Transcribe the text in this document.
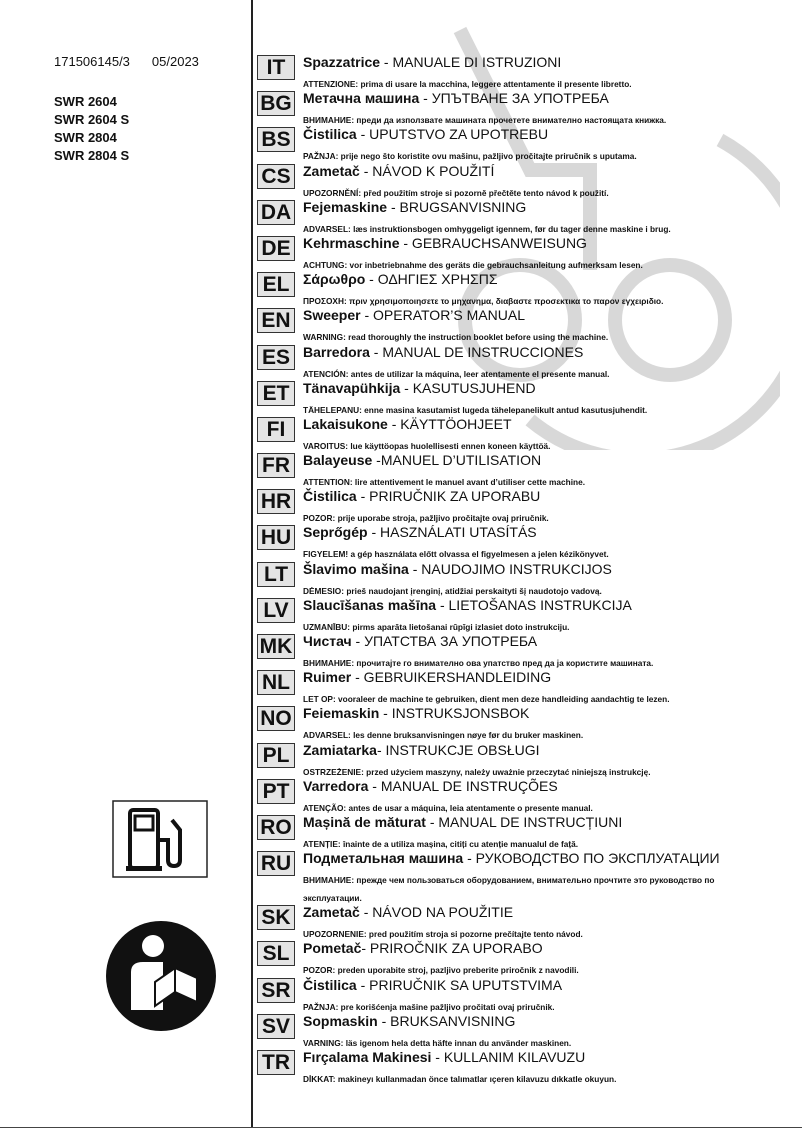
171506145/3 05/2023
SWR 2604
SWR 2604 S
SWR 2804
SWR 2804 S
IT	Spazzatrice - MANUALE DI ISTRUZIONI
ATTENZIONE: prima di usare la macchina, leggere attentamente il presente libretto.
BG Метачна машина - УПЪТВАНЕ ЗА УПОТРЕБА
ВНИМАНИЕ: преди да използвате машината прочетете внимателно настоящата книжка.
BS Čistilica - UPUTSTVO ZA UPOTREBU
PAŽNJA: prije nego što koristite ovu mašinu, pažljivo pročitajte priručnik s uputama.
CS Zametač - NÁVOD K POUŽITÍ
UPOZORNĚNÍ: před použitím stroje si pozorně přečtěte tento návod k použití.
DA Fejemaskine - BRUGSANVISNING
ADVARSEL: læs instruktionsbogen omhyggeligt igennem, før du tager denne maskine i brug.
DE Kehrmaschine - GEBRAUCHSANWEISUNG
ACHTUNG: vor inbetriebnahme des geräts die gebrauchsanleitung aufmerksam lesen.
EL Σάρωθρο - ΟΔΗΓΙΕΣ ΧΡΗΣΠΣ
ΠΡΟΣΟΧΗ: πριν χρησιμοποιησετε το μηχανημα, διαβαστε προσεκτικα το παρον εγχειριδιο.
EN Sweeper - OPERATOR’S MANUAL
WARNING: read thoroughly the instruction booklet before using the machine.
ES Barredora - MANUAL DE INSTRUCCIONES
ATENCIÓN: antes de utilizar la máquina, leer atentamente el presente manual.
ET Tänavapühkija - KASUTUSJUHEND
TÄHELEPANU: enne masina kasutamist lugeda tähelepanelikult antud kasutusjuhendit.
FI	Lakaisukone - KÄYTTÖOHJEET
VAROITUS: lue käyttöopas huolellisesti ennen koneen käyttöä.
FR Balayeuse -MANUEL D’UTILISATION
ATTENTION: lire attentivement le manuel avant d’utiliser cette machine.
HR Čistilica - PRIRUČNIK ZA UPORABU
POZOR: prije uporabe stroja, pažljivo pročitajte ovaj priručnik.
HU Seprőgép - HASZNÁLATI UTASÍTÁS
FIGYELEM! a gép használata előtt olvassa el figyelmesen a jelen kézikönyvet.
LT	Šlavimo mašina - NAUDOJIMO INSTRUKCIJOS
DĖMESIO: prieš naudojant įrenginį, atidžiai perskaityti šį naudotojo vadovą.
LV	Slaucīšanas mašīna - LIETOŠANAS INSTRUKCIJA
UZMANĪBU: pirms aparāta lietošanai rūpīgi izlasiet doto instrukciju.
MK Чистач - УПАТСТВА ЗА УПОТРЕБА
ВНИМАНИЕ: прочитајте го внимателно ова упатство пред да ја користите машината.
NL Ruimer - GEBRUIKERSHANDLEIDING
LET OP: vooraleer de machine te gebruiken, dient men deze handleiding aandachtig te lezen.
NO Feiemaskin - INSTRUKSJONSBOK
ADVARSEL: les denne bruksanvisningen nøye før du bruker maskinen.
PL Zamiatarka- INSTRUKCJE OBSŁUGI
OSTRZEŻENIE: przed użyciem maszyny, należy uważnie przeczytać niniejszą instrukcję.
PT Varredora - MANUAL DE INSTRUÇÕES
ATENÇÃO: antes de usar a máquina, leia atentamente o presente manual.
RO Mașină de măturat - MANUAL DE INSTRUCȚIUNI
ATENȚIE: înainte de a utiliza mașina, citiți cu atenție manualul de față.
RU Подметальная машина - РУКОВОДСТВО ПО ЭКСПЛУАТАЦИИ
ВНИМАНИЕ: прежде чем пользоваться оборудованием, внимательно прочтите это руководство по эксплуатации.
SK Zametač - NÁVOD NA POUŽITIE
UPOZORNENIE: pred použitím stroja si pozorne prečítajte tento návod.
SL Pometač- PRIROČNIK ZA UPORABO
POZOR: preden uporabite stroj, pazljivo preberite priročnik z navodili.
SR Čistilica - PRIRUČNIK SA UPUTSTVIMA
PAŽNJA: pre korišćenja mašine pažljivo pročitati ovaj priručnik.
SV Sopmaskin - BRUKSANVISNING
VARNING: läs igenom hela detta häfte innan du använder maskinen.
TR Fırçalama Makinesi - KULLANIM KILAVUZU
DİKKAT: makineyı kullanmadan önce talımatlar ıçeren kilavuzu dıkkatle okuyun.
